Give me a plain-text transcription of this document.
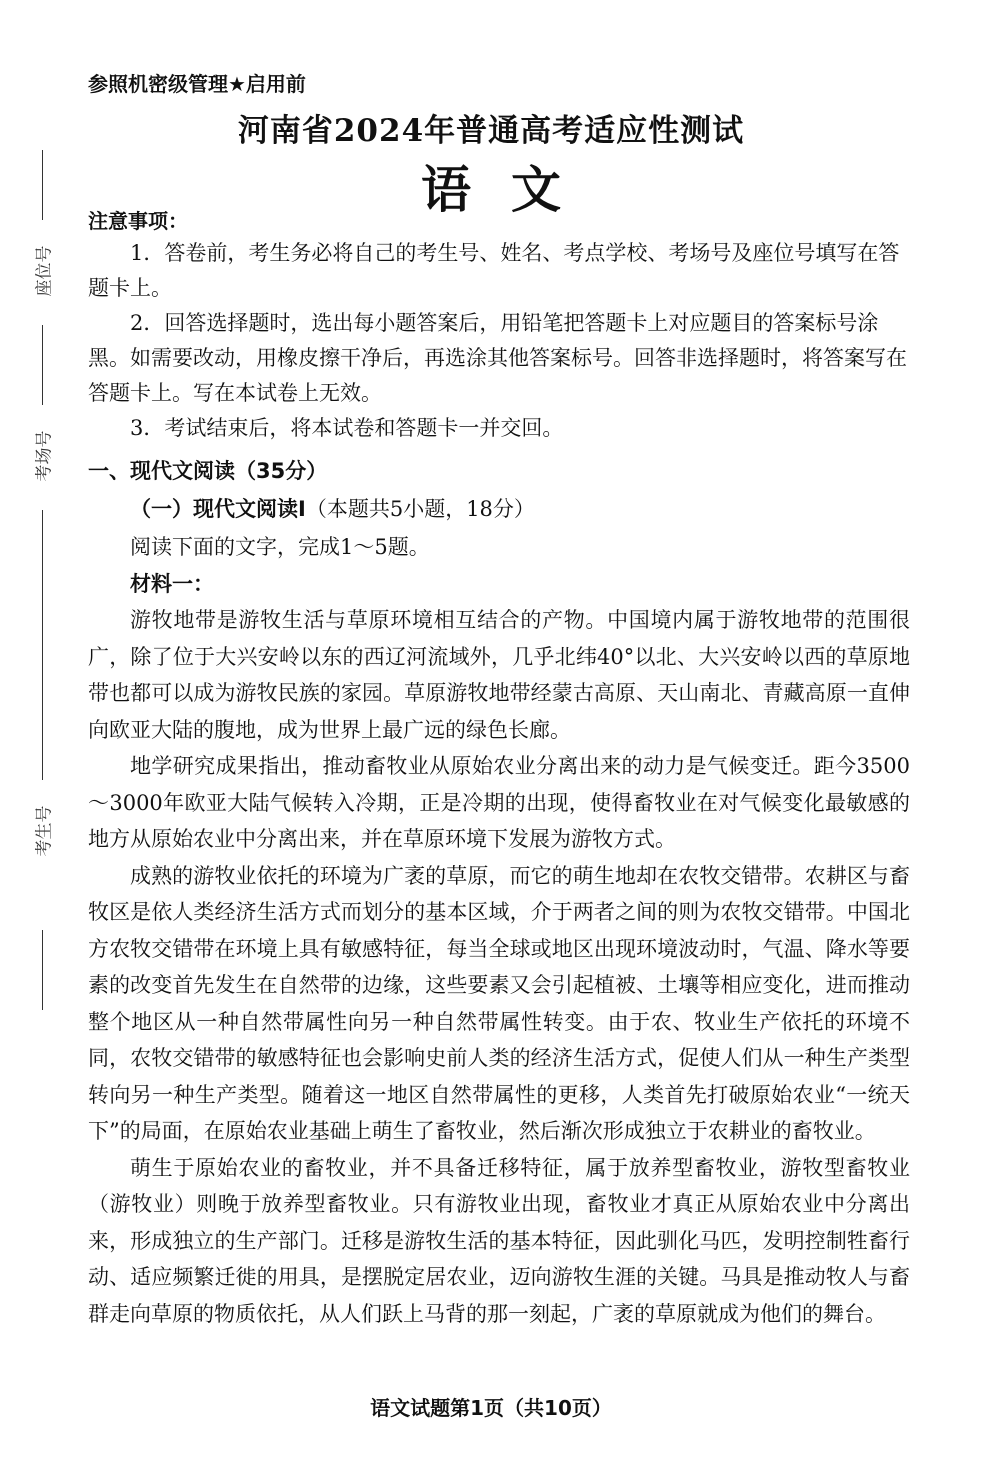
座位号
考场号
考生号
参照机密级管理★启用前
河南省2024年普通高考适应性测试
语文

注意事项：

1．答卷前，考生务必将自己的考生号、姓名、考点学校、考场号及座位号填写在答题卡上。

2．回答选择题时，选出每小题答案后，用铅笔把答题卡上对应题目的答案标号涂黑。如需要改动，用橡皮擦干净后，再选涂其他答案标号。回答非选择题时，将答案写在答题卡上。写在本试卷上无效。

3．考试结束后，将本试卷和答题卡一并交回。

一、现代文阅读（35分）

（一）现代文阅读Ⅰ（本题共5小题，18分）

阅读下面的文字，完成1～5题。

材料一：

游牧地带是游牧生活与草原环境相互结合的产物。中国境内属于游牧地带的范围很广，除了位于大兴安岭以东的西辽河流域外，几乎北纬40°以北、大兴安岭以西的草原地带也都可以成为游牧民族的家园。草原游牧地带经蒙古高原、天山南北、青藏高原一直伸向欧亚大陆的腹地，成为世界上最广远的绿色长廊。

地学研究成果指出，推动畜牧业从原始农业分离出来的动力是气候变迁。距今3500～3000年欧亚大陆气候转入冷期，正是冷期的出现，使得畜牧业在对气候变化最敏感的地方从原始农业中分离出来，并在草原环境下发展为游牧方式。

成熟的游牧业依托的环境为广袤的草原，而它的萌生地却在农牧交错带。农耕区与畜牧区是依人类经济生活方式而划分的基本区域，介于两者之间的则为农牧交错带。中国北方农牧交错带在环境上具有敏感特征，每当全球或地区出现环境波动时，气温、降水等要素的改变首先发生在自然带的边缘，这些要素又会引起植被、土壤等相应变化，进而推动整个地区从一种自然带属性向另一种自然带属性转变。由于农、牧业生产依托的环境不同，农牧交错带的敏感特征也会影响史前人类的经济生活方式，促使人们从一种生产类型转向另一种生产类型。随着这一地区自然带属性的更移，人类首先打破原始农业“一统天下”的局面，在原始农业基础上萌生了畜牧业，然后渐次形成独立于农耕业的畜牧业。

萌生于原始农业的畜牧业，并不具备迁移特征，属于放养型畜牧业，游牧型畜牧业（游牧业）则晚于放养型畜牧业。只有游牧业出现，畜牧业才真正从原始农业中分离出来，形成独立的生产部门。迁移是游牧生活的基本特征，因此驯化马匹，发明控制牲畜行动、适应频繁迁徙的用具，是摆脱定居农业，迈向游牧生涯的关键。马具是推动牧人与畜群走向草原的物质依托，从人们跃上马背的那一刻起，广袤的草原就成为他们的舞台。

语文试题第1页（共10页）
